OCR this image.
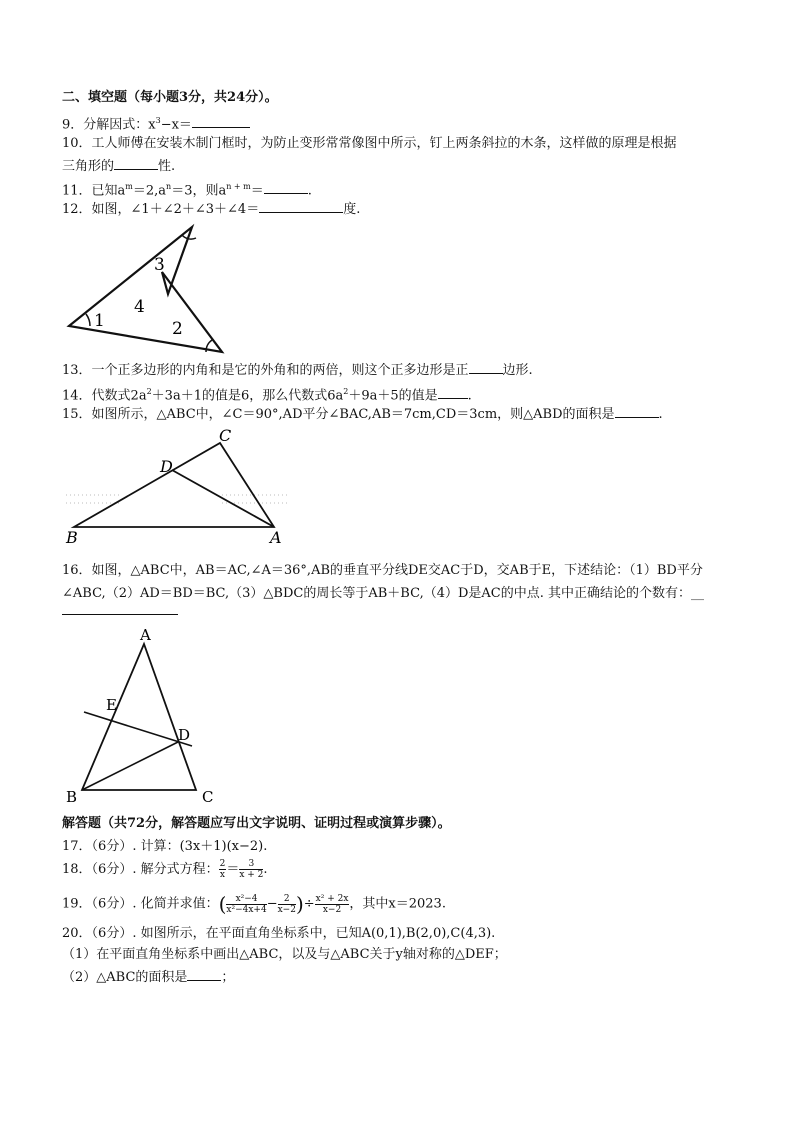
二、填空题（每小题3分，共24分）。
9．分解因式：$x^3-x=$
10．工人师傅在安装木制门框时，为防止变形常常像图中所示，钉上两条斜拉的木条，这样做的原理是根据
三角形的	性.
11．已知$a^m=2,a^n=3$，则$a^{n + m}=$	.
12．如图，∠1＋∠2＋∠3＋∠4＝	度.
3
4
1	2
13．一个正多边形的内角和是它的外角和的两倍，则这个正多边形是正	边形.
14．代数式$2a^2+3a+1$的值是6，那么代数式$6a^2+9a+5$的值是 .
15．如图所示，△ABC中，∠C＝90°,AD平分∠BAC,AB＝7cm,CD＝3cm，则△ABD的面积是	.
C
D
B	A
16．如图，△ABC中，AB＝AC,∠A＝36°,AB的垂直平分线DE交AC于D，交AB于E，下述结论：（1）BD平分
∠ABC,（2）AD＝BD＝BC,（3）△BDC的周长等于AB＋BC,（4）D是AC的中点. 其中正确结论的个数有：__
A
E
D
B	C
解答题（共72分，解答题应写出文字说明、证明过程或演算步骤）。
17．（6分）. 计算：(3x＋1)(x−2).
18．（6分）. 解分式方程： $\frac{2}{x} = \frac{3}{x + 2}$ .
19．（6分）. 化简并求值：( $\frac{\text{x²−4}}{\text{x²−4x+4}} - \frac{2}{x-2}$ )÷ $\frac{\text{x² + 2x}}{x-2}$ ，其中x＝2023.
20．（6分）. 如图所示，在平面直角坐标系中，已知A(0,1),B(2,0),C(4,3).
（1）在平面直角坐标系中画出△ABC，以及与△ABC关于y轴对称的△DEF；
（2）△ABC的面积是	；
